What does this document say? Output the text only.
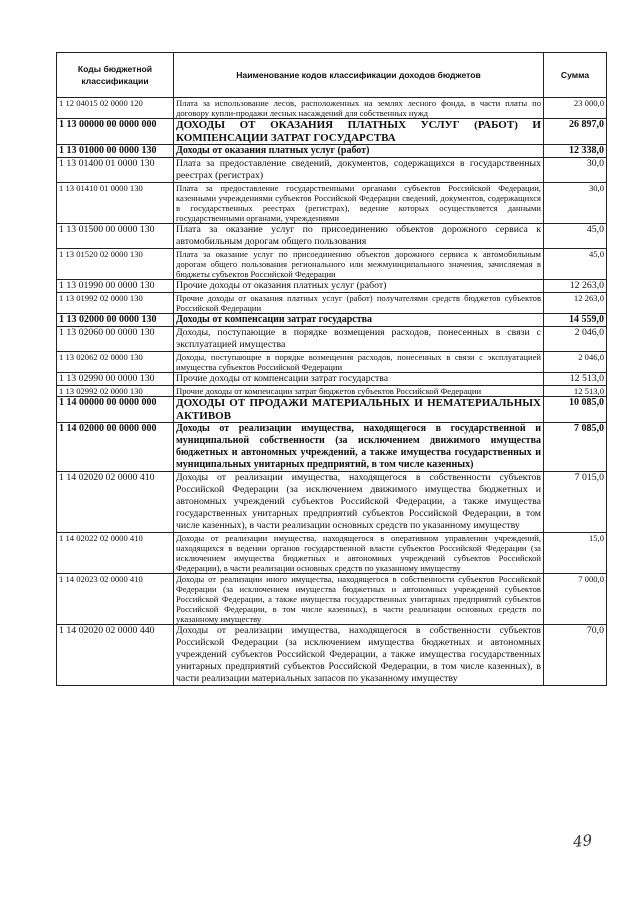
Коды бюджетной классификации	Наименование кодов классификации доходов бюджетов	Сумма
1 12 04015 02 0000 120	Плата за использование лесов, расположенных на землях лесного фонда, в части платы по договору купли-продажи лесных насаждений для собственных нужд	23 000,0
1 13 00000 00 0000 000	ДОХОДЫ ОТ ОКАЗАНИЯ ПЛАТНЫХ УСЛУГ (РАБОТ) И КОМПЕНСАЦИИ ЗАТРАТ ГОСУДАРСТВА	26 897,0
1 13 01000 00 0000 130	Доходы от оказания платных услуг (работ)	12 338,0
1 13 01400 01 0000 130	Плата за предоставление сведений, документов, содержащихся в государственных реестрах (регистрах)	30,0
1 13 01410 01 0000 130	Плата за предоставление государственными органами субъектов Российской Федерации, казенными учреждениями субъектов Российской Федерации сведений, документов, содержащихся в государственных реестрах (регистрах), ведение которых осуществляется данными государственными органами, учреждениями	30,0
1 13 01500 00 0000 130	Плата за оказание услуг по присоединению объектов дорожного сервиса к автомобильным дорогам общего пользования	45,0
1 13 01520 02 0000 130	Плата за оказание услуг по присоединению объектов дорожного сервиса к автомобильным дорогам общего пользования регионального или межмуниципального значения, зачисляемая в бюджеты субъектов Российской Федерации	45,0
1 13 01990 00 0000 130	Прочие доходы от оказания платных услуг (работ)	12 263,0
1 13 01992 02 0000 130	Прочие доходы от оказания платных услуг (работ) получателями средств бюджетов субъектов Российской Федерации	12 263,0
1 13 02000 00 0000 130	Доходы от компенсации затрат государства	14 559,0
1 13 02060 00 0000 130	Доходы, поступающие в порядке возмещения расходов, понесенных в связи с эксплуатацией имущества	2 046,0
1 13 02062 02 0000 130	Доходы, поступающие в порядке возмещения расходов, понесенных в связи с эксплуатацией имущества субъектов Российской Федерации	2 046,0
1 13 02990 00 0000 130	Прочие доходы от компенсации затрат государства	12 513,0
1 13 02992 02 0000 130	Прочие доходы от компенсации затрат бюджетов субъектов Российской Федерации	12 513,0
1 14 00000 00 0000 000	ДОХОДЫ ОТ ПРОДАЖИ МАТЕРИАЛЬНЫХ И НЕМАТЕРИАЛЬНЫХ АКТИВОВ	10 085,0
1 14 02000 00 0000 000	Доходы от реализации имущества, находящегося в государственной и муниципальной собственности (за исключением движимого имущества бюджетных и автономных учреждений, а также имущества государственных и муниципальных унитарных предприятий, в том числе казенных)	7 085,0
1 14 02020 02 0000 410	Доходы от реализации имущества, находящегося в собственности субъектов Российской Федерации (за исключением движимого имущества бюджетных и автономных учреждений субъектов Российской Федерации, а также имущества государственных унитарных предприятий субъектов Российской Федерации, в том числе казенных), в части реализации основных средств по указанному имуществу	7 015,0
1 14 02022 02 0000 410	Доходы от реализации имущества, находящегося в оперативном управлении учреждений, находящихся в ведении органов государственной власти субъектов Российской Федерации (за исключением имущества бюджетных и автономных учреждений субъектов Российской Федерации), в части реализации основных средств по указанному имуществу	15,0
1 14 02023 02 0000 410	Доходы от реализации иного имущества, находящегося в собственности субъектов Российской Федерации (за исключением имущества бюджетных и автономных учреждений субъектов Российской Федерации, а также имущества государственных унитарных предприятий субъектов Российской Федерации, в том числе казенных), в части реализации основных средств по указанному имуществу	7 000,0
1 14 02020 02 0000 440	Доходы от реализации имущества, находящегося в собственности субъектов Российской Федерации (за исключением имущества бюджетных и автономных учреждений субъектов Российской Федерации, а также имущества государственных унитарных предприятий субъектов Российской Федерации, в том числе казенных), в части реализации материальных запасов по указанному имуществу	70,0
49
